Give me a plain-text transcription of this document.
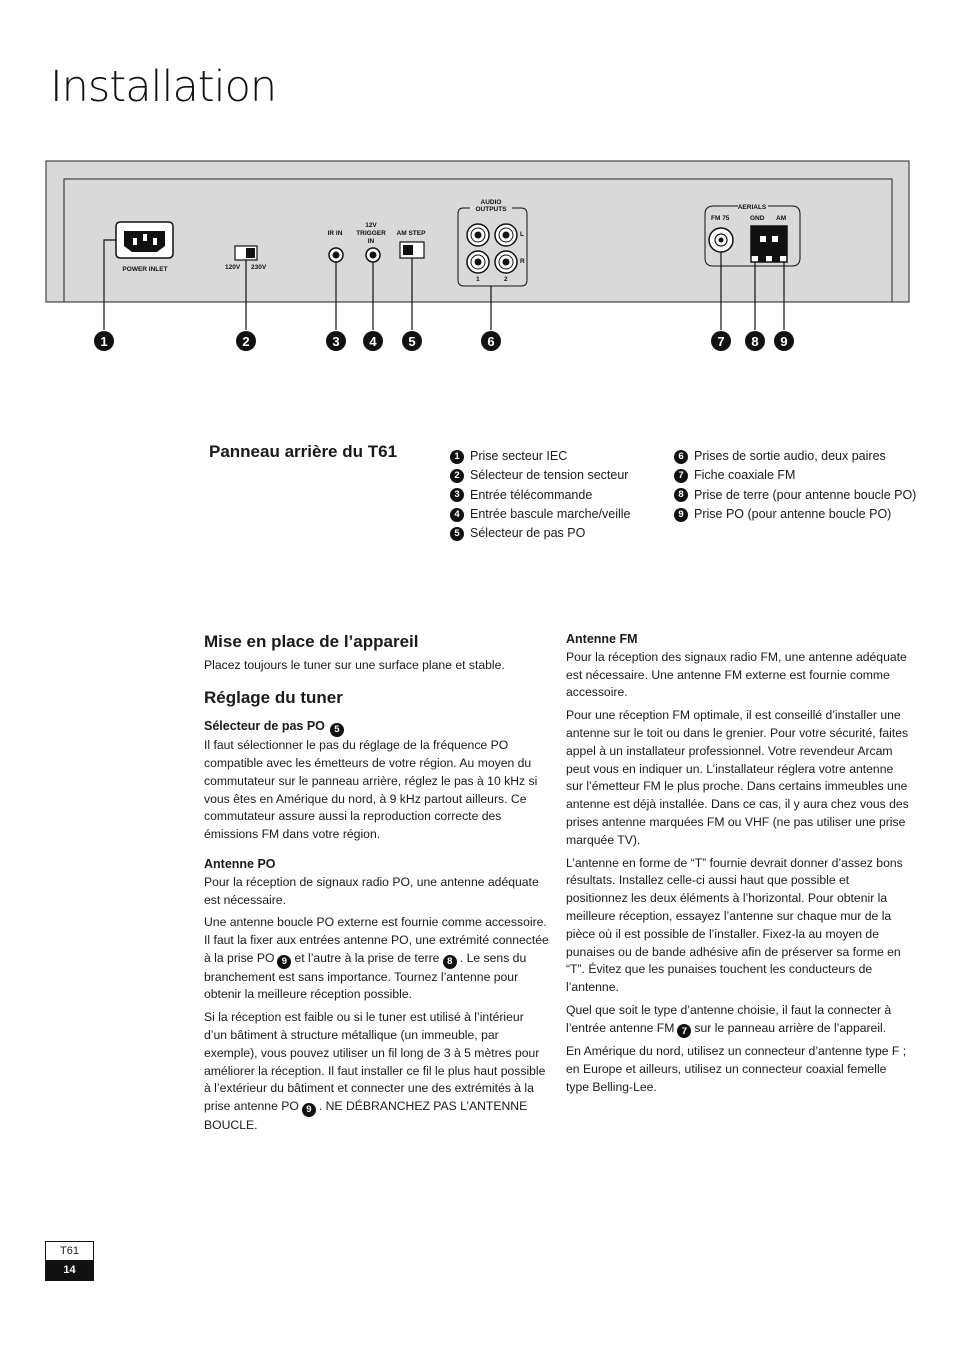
Installation
POWER INLET	120V 230V
IR IN
12V
TRIGGER
IN
AM STEP
AUDIO
OUTPUTS
L
R
1	2
AERIALS
FM 75	GND AM
1	2	3 4 5	6	7 8 9
Panneau arrière du T61	1 Prise secteur IEC
2 Sélecteur de tension secteur
3 Entrée télécommande
4 Entrée bascule marche/veille
5 Sélecteur de pas PO
6 Prises de sortie audio, deux paires
7 Fiche coaxiale FM
8 Prise de terre (pour antenne boucle PO)
9 Prise PO (pour antenne boucle PO)
Mise en place de l’appareil

Placez toujours le tuner sur une surface plane et stable.

Réglage du tuner
Sélecteur de pas PO 5

Il faut sélectionner le pas du réglage de la fréquence PO compatible avec les émetteurs de votre région. Au moyen du commutateur sur le panneau arrière, réglez le pas à 10 kHz si vous êtes en Amérique du nord, à 9 kHz partout ailleurs. Ce commutateur assure aussi la reproduction correcte des émissions FM dans votre région.

Antenne PO

Pour la réception de signaux radio PO, une antenne adéquate est nécessaire.

Une antenne boucle PO externe est fournie comme accessoire. Il faut la fixer aux entrées antenne PO, une extrémité connectée à la prise PO 9 et l’autre à la prise de terre 8 . Le sens du branchement est sans importance. Tournez l’antenne pour obtenir la meilleure réception possible.

Si la réception est faible ou si le tuner est utilisé à l’intérieur d’un bâtiment à structure métallique (un immeuble, par exemple), vous pouvez utiliser un fil long de 3 à 5 mètres pour améliorer la réception. Il faut installer ce fil le plus haut possible à l’extérieur du bâtiment et connecter une des extrémités à la prise antenne PO 9 . NE DÉBRANCHEZ PAS L’ANTENNE BOUCLE.

Antenne FM

Pour la réception des signaux radio FM, une antenne adéquate est nécessaire. Une antenne FM externe est fournie comme accessoire.

Pour une réception FM optimale, il est conseillé d’installer une antenne sur le toit ou dans le grenier. Pour votre sécurité, faites appel à un installateur professionnel. Votre revendeur Arcam peut vous en indiquer un. L’installateur réglera votre antenne sur l’émetteur FM le plus proche. Dans certains immeubles une antenne est déjà installée. Dans ce cas, il y aura chez vous des prises antenne marquées FM ou VHF (ne pas utiliser une prise marquée TV).

L’antenne en forme de “T” fournie devrait donner d’assez bons résultats. Installez celle-ci aussi haut que possible et positionnez les deux éléments à l’horizontal. Pour obtenir la meilleure réception, essayez l’antenne sur chaque mur de la pièce où il est possible de l’installer. Fixez-la au moyen de punaises ou de bande adhésive afin de préserver sa forme en “T”. Évitez que les punaises touchent les conducteurs de l’antenne.

Quel que soit le type d’antenne choisie, il faut la connecter à l’entrée antenne FM 7 sur le panneau arrière de l’appareil.

En Amérique du nord, utilisez un connecteur d’antenne type F ; en Europe et ailleurs, utilisez un connecteur coaxial femelle type Belling-Lee.

T61
14
